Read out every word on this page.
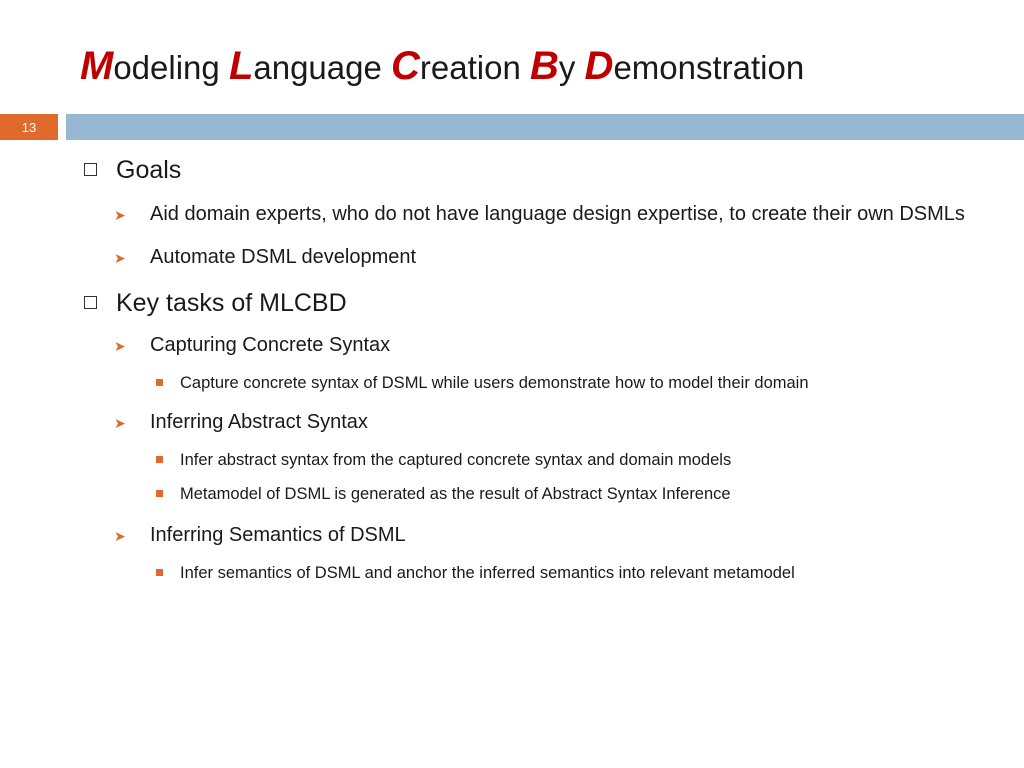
Modeling Language Creation By Demonstration
13
Goals
➤	Aid domain experts, who do not have language design expertise, to create their own DSMLs
➤	Automate DSML development
Key tasks of MLCBD
➤	Capturing Concrete Syntax
Capture concrete syntax of DSML while users demonstrate how to model their domain
➤	Inferring Abstract Syntax
Infer abstract syntax from the captured concrete syntax and domain models
Metamodel of DSML is generated as the result of Abstract Syntax Inference
➤	Inferring Semantics of DSML
Infer semantics of DSML and anchor the inferred semantics into relevant metamodel
